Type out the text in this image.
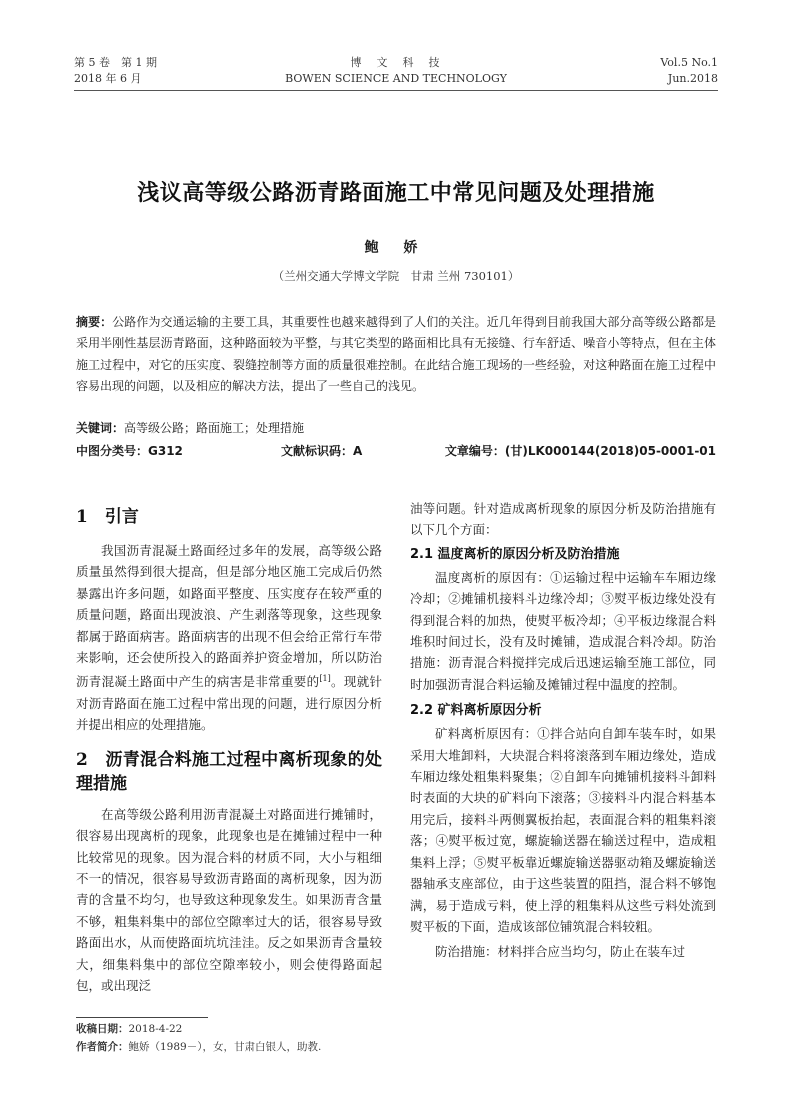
第 5 卷　第 1 期
2018 年 6 月
博　文　科　技
BOWEN SCIENCE AND TECHNOLOGY
Vol.5 No.1
Jun.2018
浅议高等级公路沥青路面施工中常见问题及处理措施
鲍 娇
（兰州交通大学博文学院　甘肃 兰州 730101）
摘要：公路作为交通运输的主要工具，其重要性也越来越得到了人们的关注。近几年得到目前我国大部分高等级公路都是采用半刚性基层沥青路面，这种路面较为平整，与其它类型的路面相比具有无接缝、行车舒适、噪音小等特点，但在主体施工过程中，对它的压实度、裂缝控制等方面的质量很难控制。在此结合施工现场的一些经验，对这种路面在施工过程中容易出现的问题，以及相应的解决方法，提出了一些自己的浅见。
关键词：高等级公路；路面施工；处理措施
中图分类号：G312	文献标识码：A	文章编号：(甘)LK000144(2018)05-0001-01
1　引言

我国沥青混凝土路面经过多年的发展，高等级公路质量虽然得到很大提高，但是部分地区施工完成后仍然暴露出许多问题，如路面平整度、压实度存在较严重的质量问题，路面出现波浪、产生剥落等现象，这些现象都属于路面病害。路面病害的出现不但会给正常行车带来影响，还会使所投入的路面养护资金增加，所以防治沥青混凝土路面中产生的病害是非常重要的[1]。现就针对沥青路面在施工过程中常出现的问题，进行原因分析并提出相应的处理措施。

2　沥青混合料施工过程中离析现象的处理措施

在高等级公路利用沥青混凝土对路面进行摊铺时，很容易出现离析的现象，此现象也是在摊铺过程中一种比较常见的现象。因为混合料的材质不同，大小与粗细不一的情况，很容易导致沥青路面的离析现象，因为沥青的含量不均匀，也导致这种现象发生。如果沥青含量不够，粗集料集中的部位空隙率过大的话，很容易导致路面出水，从而使路面坑坑洼洼。反之如果沥青含量较大，细集料集中的部位空隙率较小，则会使得路面起包，或出现泛

油等问题。针对造成离析现象的原因分析及防治措施有以下几个方面：

2.1 温度离析的原因分析及防治措施

温度离析的原因有：①运输过程中运输车车厢边缘冷却；②摊铺机接料斗边缘冷却；③熨平板边缘处没有得到混合料的加热，使熨平板冷却；④平板边缘混合料堆积时间过长，没有及时摊铺，造成混合料冷却。防治措施：沥青混合料搅拌完成后迅速运输至施工部位，同时加强沥青混合料运输及摊铺过程中温度的控制。

2.2 矿料离析原因分析

矿料离析原因有：①拌合站向自卸车装车时，如果采用大堆卸料，大块混合料将滚落到车厢边缘处，造成车厢边缘处粗集料聚集；②自卸车向摊铺机接料斗卸料时表面的大块的矿料向下滚落；③接料斗内混合料基本用完后，接料斗两侧翼板抬起，表面混合料的粗集料滚落；④熨平板过宽，螺旋输送器在输送过程中，造成粗集料上浮；⑤熨平板靠近螺旋输送器驱动箱及螺旋输送器轴承支座部位，由于这些装置的阻挡，混合料不够饱满，易于造成亏料，使上浮的粗集料从这些亏料处流到熨平板的下面，造成该部位铺筑混合料较粗。

防治措施：材料拌合应当均匀，防止在装车过

收稿日期：2018-4-22
作者简介：鲍娇（1989－），女，甘肃白银人，助教.
